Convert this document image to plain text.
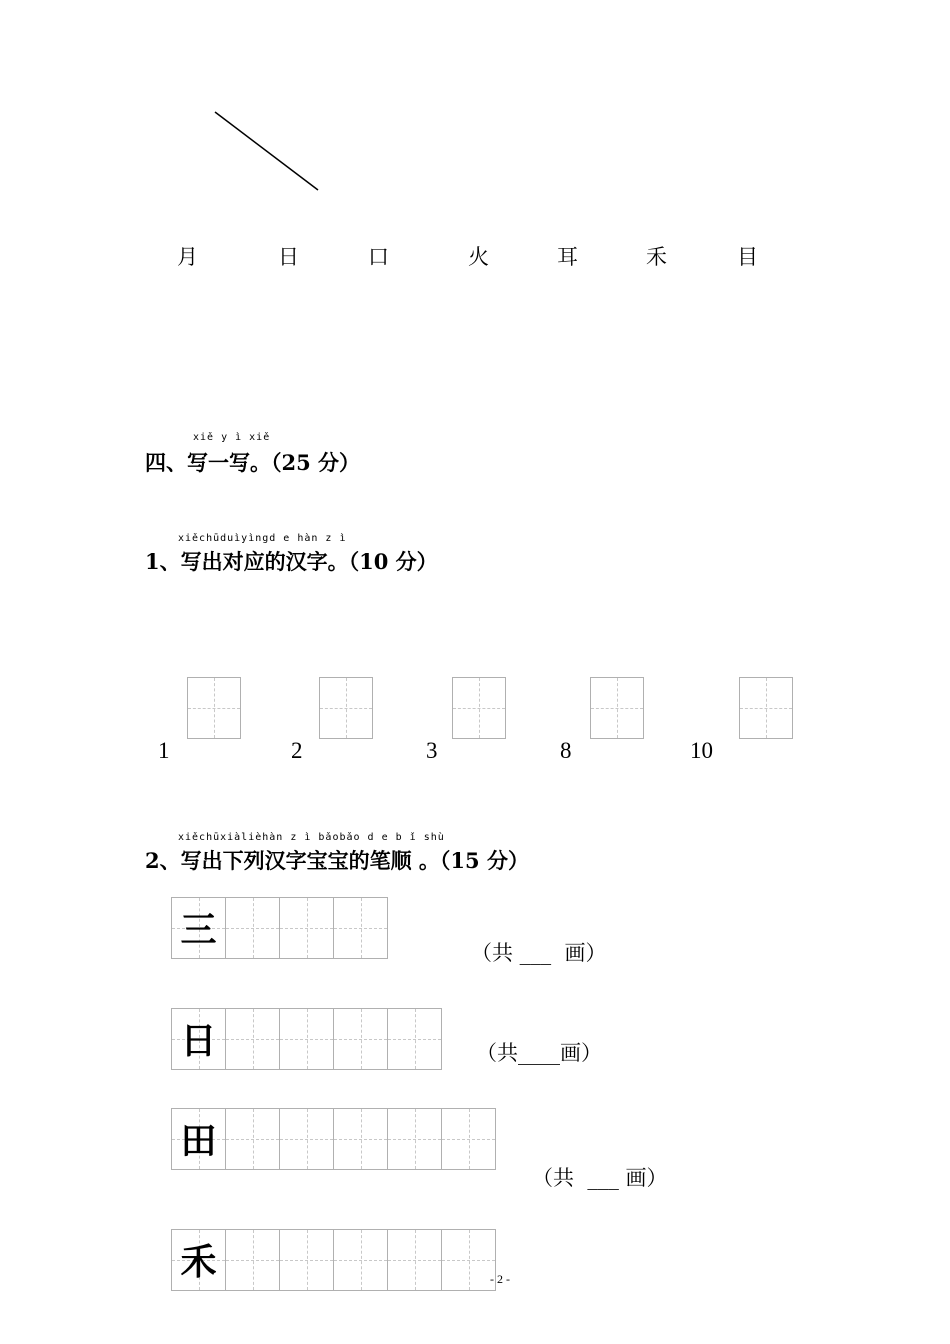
月	日	口	火	耳	禾	目
xiě y ì xiě
四、写一写。（25 分）
xiěchūduìyìngd e hàn z ì
1、写出对应的汉字。（10 分）
1	2	3	8	10
xiěchūxiàlièhàn z ì bǎobǎo d e b ǐ shù
2、写出下列汉字宝宝的笔顺 。（15 分）
三
（共 ___  画）
日	（共____画）
田
（共  ___ 画）
禾	- 2 -
